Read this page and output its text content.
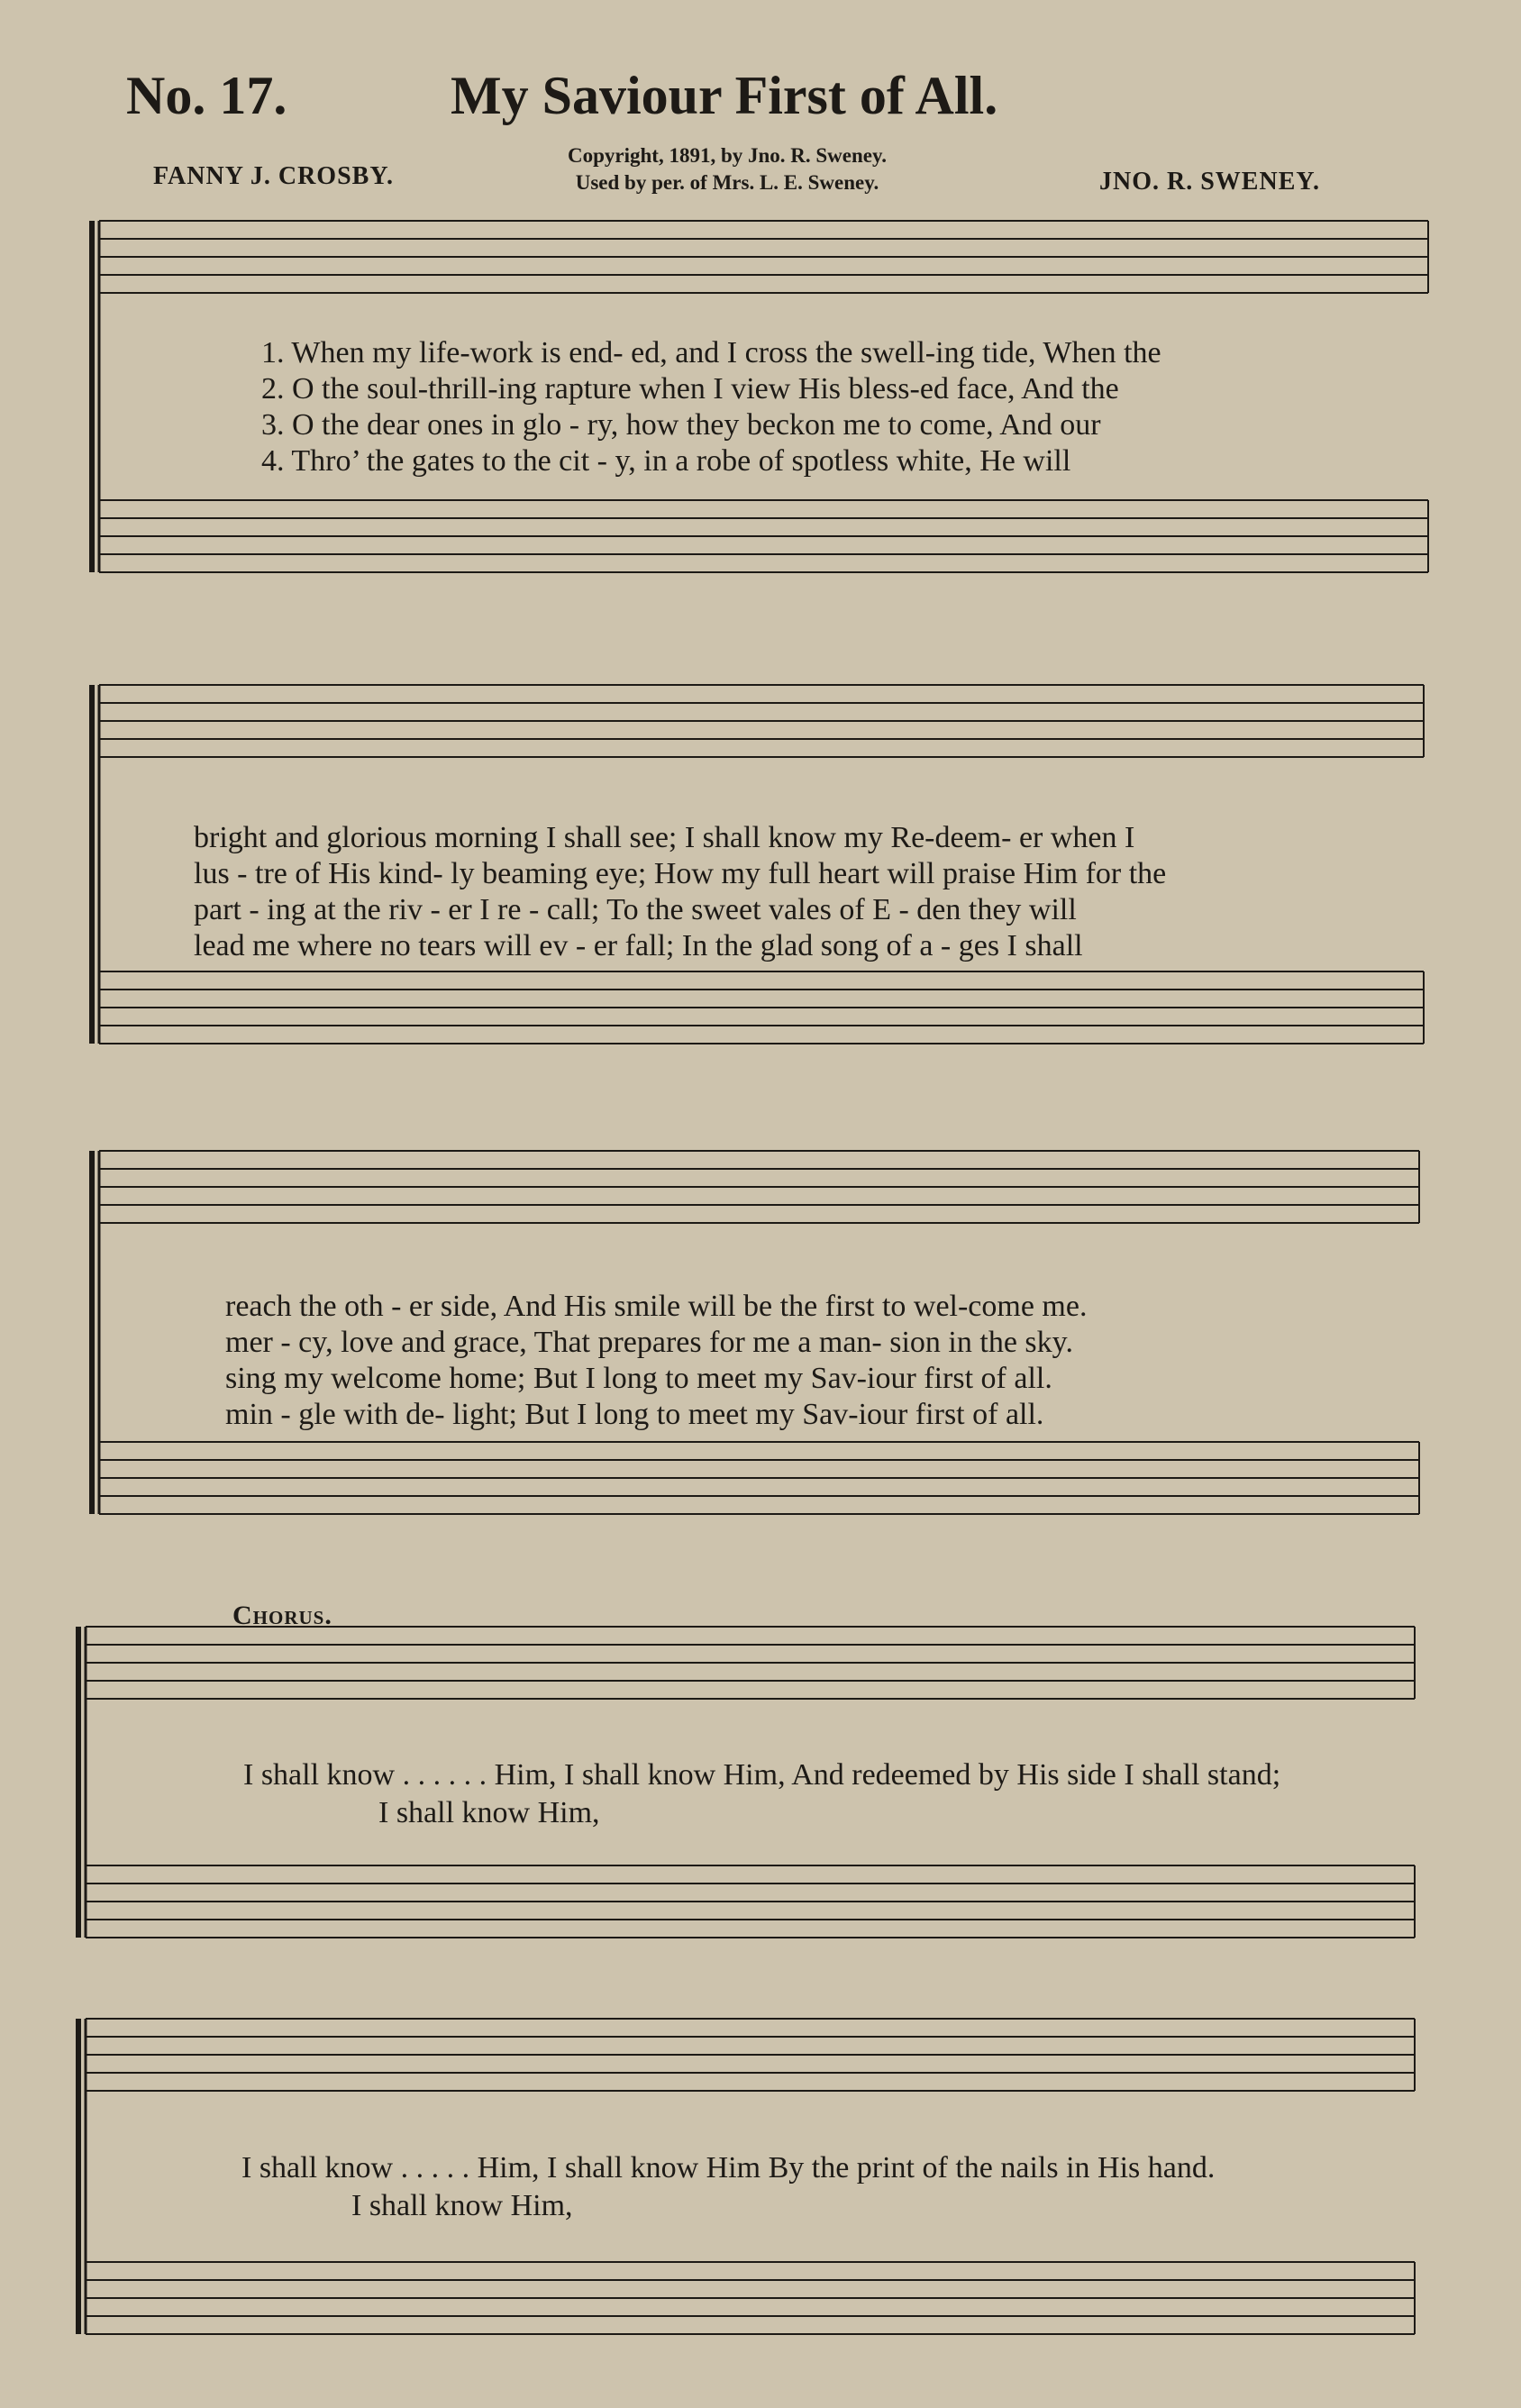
No. 17.	My Saviour First of All.
FANNY J. CROSBY.
Copyright, 1891, by Jno. R. Sweney.
Used by per. of Mrs. L. E. Sweney.	JNO. R. SWENEY.
1. When my life-work is end- ed, and I cross the swell-ing tide, When the
2. O the soul-thrill-ing rapture when I view His bless-ed face, And the
3. O the dear ones in glo - ry, how they beckon me to come, And our
4. Thro’ the gates to the cit - y, in a robe of spotless white, He will
bright and glorious morning I shall see; I shall know my Re-deem- er when I
lus - tre of His kind- ly beaming eye; How my full heart will praise Him for the
part - ing at the riv - er I re - call; To the sweet vales of E - den they will
lead me where no tears will ev - er fall; In the glad song of a - ges I shall
reach the oth - er side, And His smile will be the first to wel-come me.
mer - cy, love and grace, That prepares for me a man- sion in the sky.
sing my welcome home; But I long to meet my Sav-iour first of all.
min - gle with de- light; But I long to meet my Sav-iour first of all.
Chorus.
I shall know . . . . . . Him, I shall know Him, And redeemed by His side I shall stand;
I shall know Him,
I shall know . . . . . Him, I shall know Him By the print of the nails in His hand.
I shall know Him,
